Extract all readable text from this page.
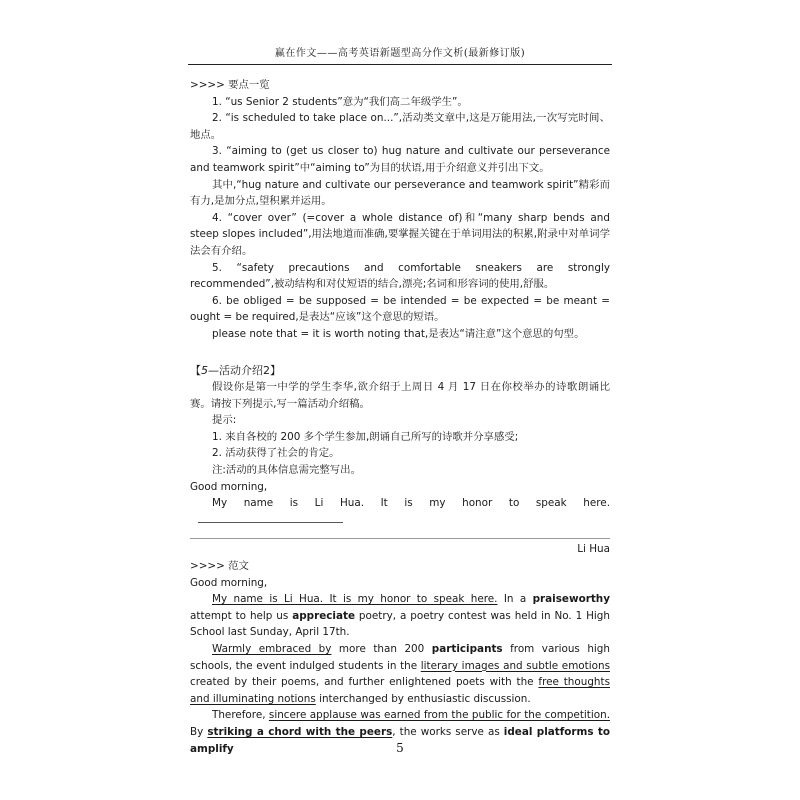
赢在作文——高考英语新题型高分作文析(最新修订版)

>>>> 要点一览

1. “us Senior 2 students”意为“我们高二年级学生”。

2. “is scheduled to take place on...”,活动类文章中,这是万能用法,一次写完时间、地点。

3. “aiming to (get us closer to) hug nature and cultivate our perseverance and teamwork spirit”中“aiming to”为目的状语,用于介绍意义并引出下文。

其中,“hug nature and cultivate our perseverance and teamwork spirit”精彩而有力,是加分点,望积累并运用。

4. “cover over” (=cover a whole distance of)和“many sharp bends and steep slopes included”,用法地道而准确,要掌握关键在于单词用法的积累,附录中对单词学法会有介绍。

5. “safety precautions and comfortable sneakers are strongly recommended”,被动结构和对仗短语的结合,漂亮;名词和形容词的使用,舒服。

6. be obliged = be supposed = be intended = be expected = be meant = ought = be required,是表达“应该”这个意思的短语。

please note that = it is worth noting that,是表达“请注意”这个意思的句型。

【5—活动介绍2】

假设你是第一中学的学生李华,欲介绍于上周日 4 月 17 日在你校举办的诗歌朗诵比赛。请按下列提示,写一篇活动介绍稿。

提示:

1. 来自各校的 200 多个学生参加,朗诵自己所写的诗歌并分享感受;

2. 活动获得了社会的肯定。

注:活动的具体信息需完整写出。

Good morning,

My name is Li Hua. It is my honor to speak here.

Li Hua

>>>> 范文

Good morning,

My name is Li Hua. It is my honor to speak here. In a praiseworthy attempt to help us appreciate poetry, a poetry contest was held in No. 1 High School last Sunday, April 17th.

Warmly embraced by more than 200 participants from various high schools, the event indulged students in the literary images and subtle emotions created by their poems, and further enlightened poets with the free thoughts and illuminating notions interchanged by enthusiastic discussion.

Therefore, sincere applause was earned from the public for the competition. By striking a chord with the peers, the works serve as ideal platforms to amplify	5
